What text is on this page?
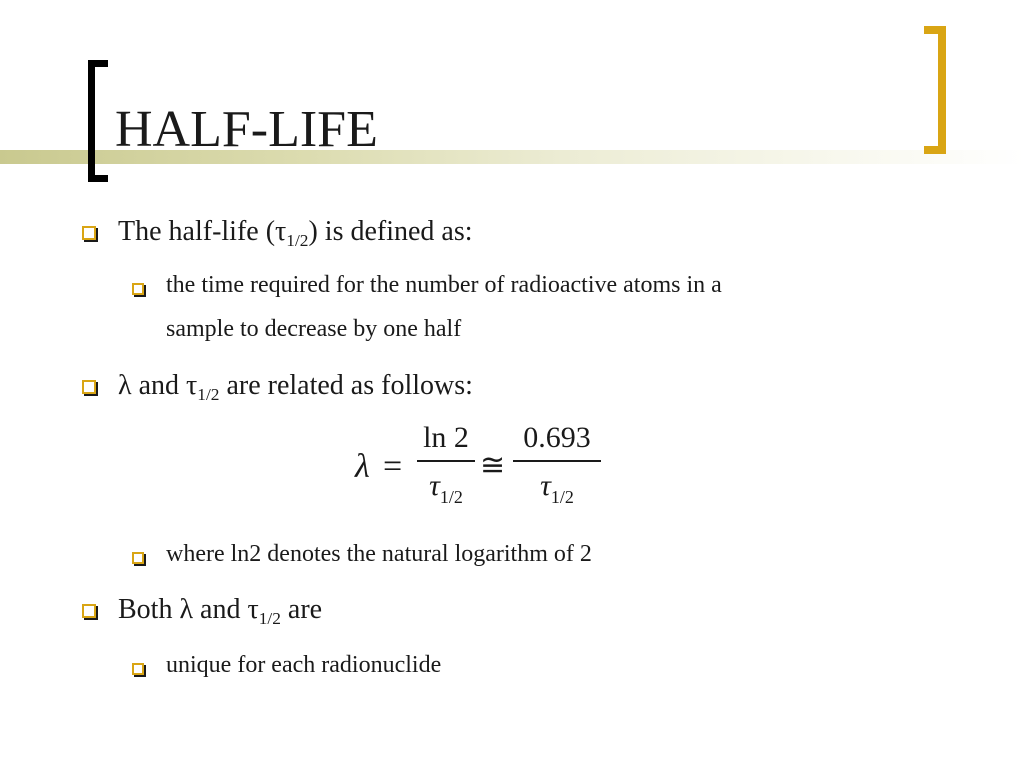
HALF-LIFE
The half-life $(\tau_{1/2})$ is defined as:
the time required for the number of radioactive atoms in a
sample to decrease by one half
λ and $\tau_{1/2}$ are related as follows:
λ =
ln 2
$\tau_{1/2}$
≅
0.693
$\tau_{1/2}$
where ln2 denotes the natural logarithm of 2
Both λ and $\tau_{1/2}$ are
unique for each radionuclide
